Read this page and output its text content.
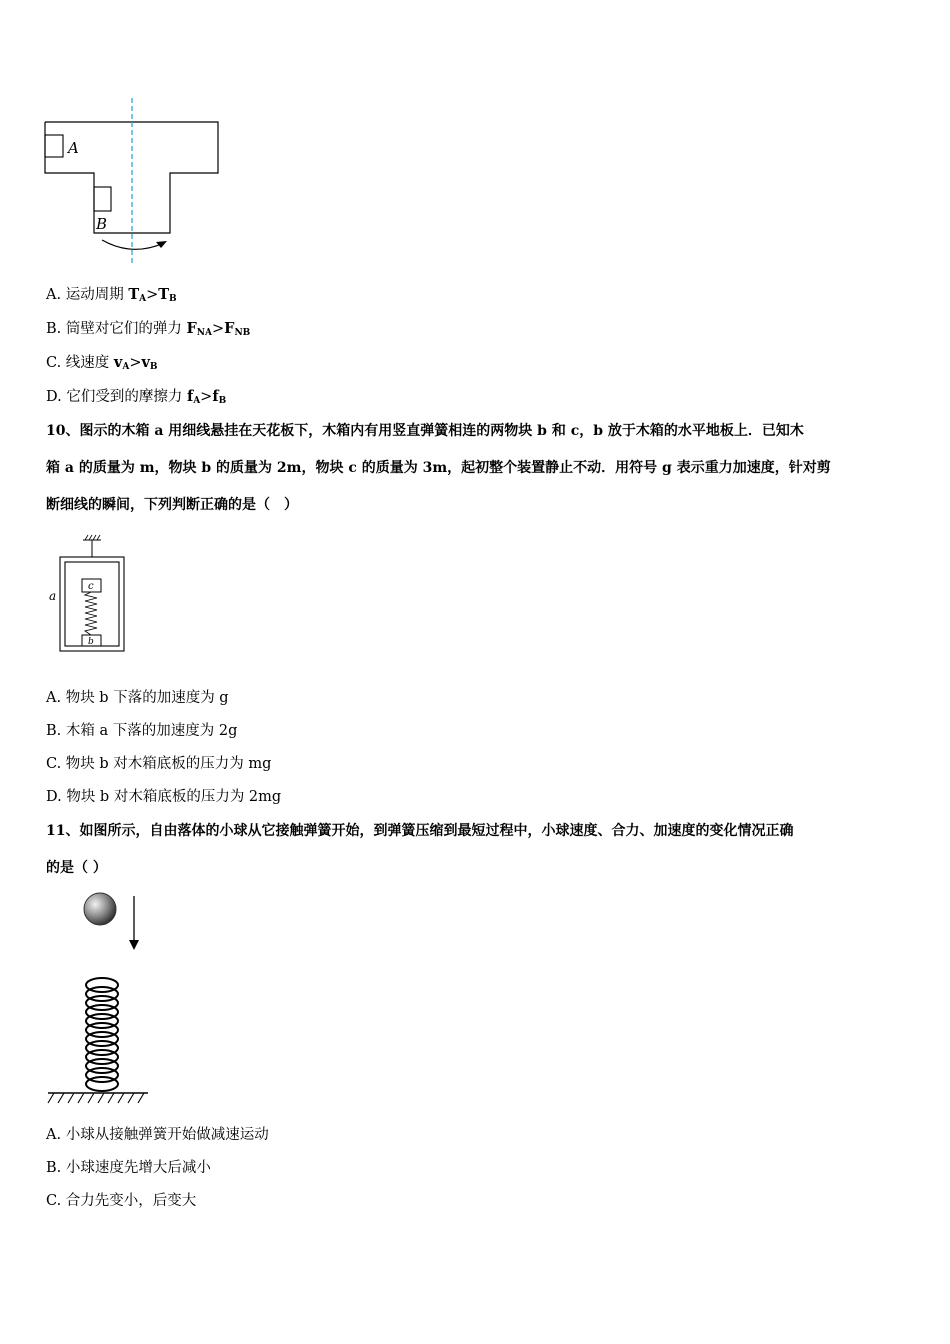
A
B
A. 运动周期 $T_A>T_B$
B. 筒壁对它们的弹力 $F_{NA}>F_{NB}$
C. 线速度 $v_A>v_B$
D. 它们受到的摩擦力 $f_A>f_B$
10、图示的木箱 a 用细线悬挂在天花板下，木箱内有用竖直弹簧相连的两物块 b 和 c，b 放于木箱的水平地板上．已知木
箱 a 的质量为 m，物块 b 的质量为 2m，物块 c 的质量为 3m，起初整个装置静止不动．用符号 g 表示重力加速度，针对剪
断细线的瞬间，下列判断正确的是（　）
c
b
a
A. 物块 b 下落的加速度为 g
B. 木箱 a 下落的加速度为 2g
C. 物块 b 对木箱底板的压力为 mg
D. 物块 b 对木箱底板的压力为 2mg
11、如图所示，自由落体的小球从它接触弹簧开始，到弹簧压缩到最短过程中，小球速度、合力、加速度的变化情况正确
的是（ ）
A. 小球从接触弹簧开始做减速运动
B. 小球速度先增大后减小
C. 合力先变小，后变大
